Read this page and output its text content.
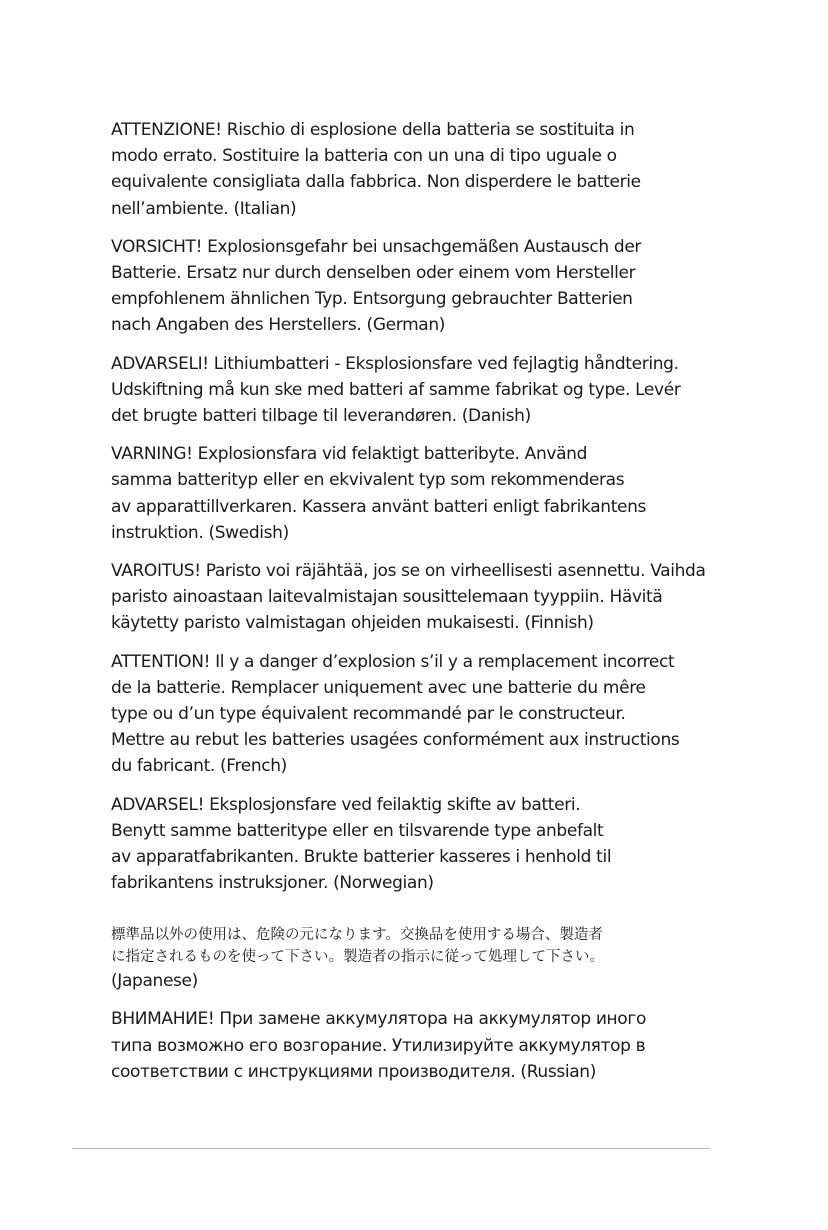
ATTENZIONE! Rischio di esplosione della batteria se sostituita in
modo errato. Sostituire la batteria con un una di tipo uguale o
equivalente consigliata dalla fabbrica. Non disperdere le batterie
nell’ambiente. (Italian)

VORSICHT! Explosionsgefahr bei unsachgemäßen Austausch der
Batterie. Ersatz nur durch denselben oder einem vom Hersteller
empfohlenem ähnlichen Typ. Entsorgung gebrauchter Batterien
nach Angaben des Herstellers. (German)

ADVARSELI! Lithiumbatteri - Eksplosionsfare ved fejlagtig håndtering.
Udskiftning må kun ske med batteri af samme fabrikat og type. Levér
det brugte batteri tilbage til leverandøren. (Danish)

VARNING! Explosionsfara vid felaktigt batteribyte. Använd
samma batterityp eller en ekvivalent typ som rekommenderas
av apparattillverkaren. Kassera använt batteri enligt fabrikantens
instruktion. (Swedish)

VAROITUS! Paristo voi räjähtää, jos se on virheellisesti asennettu. Vaihda
paristo ainoastaan laitevalmistajan sousittelemaan tyyppiin. Hävitä
käytetty paristo valmistagan ohjeiden mukaisesti. (Finnish)

ATTENTION! Il y a danger d’explosion s’il y a remplacement incorrect
de la batterie. Remplacer uniquement avec une batterie du mêre
type ou d’un type équivalent recommandé par le constructeur.
Mettre au rebut les batteries usagées conformément aux instructions
du fabricant. (French)

ADVARSEL! Eksplosjonsfare ved feilaktig skifte av batteri.
Benytt samme batteritype eller en tilsvarende type anbefalt
av apparatfabrikanten. Brukte batterier kasseres i henhold til
fabrikantens instruksjoner. (Norwegian)

標準品以外の使用は、危険の元になります。交換品を使用する場合、製造者
に指定されるものを使って下さい。製造者の指示に従って処理して下さい。
(Japanese)

ВНИМАНИЕ! При замене аккумулятора на аккумулятор иного
типа возможно его возгорание. Утилизируйте аккумулятор в
соответствии с инструкциями производителя. (Russian)
